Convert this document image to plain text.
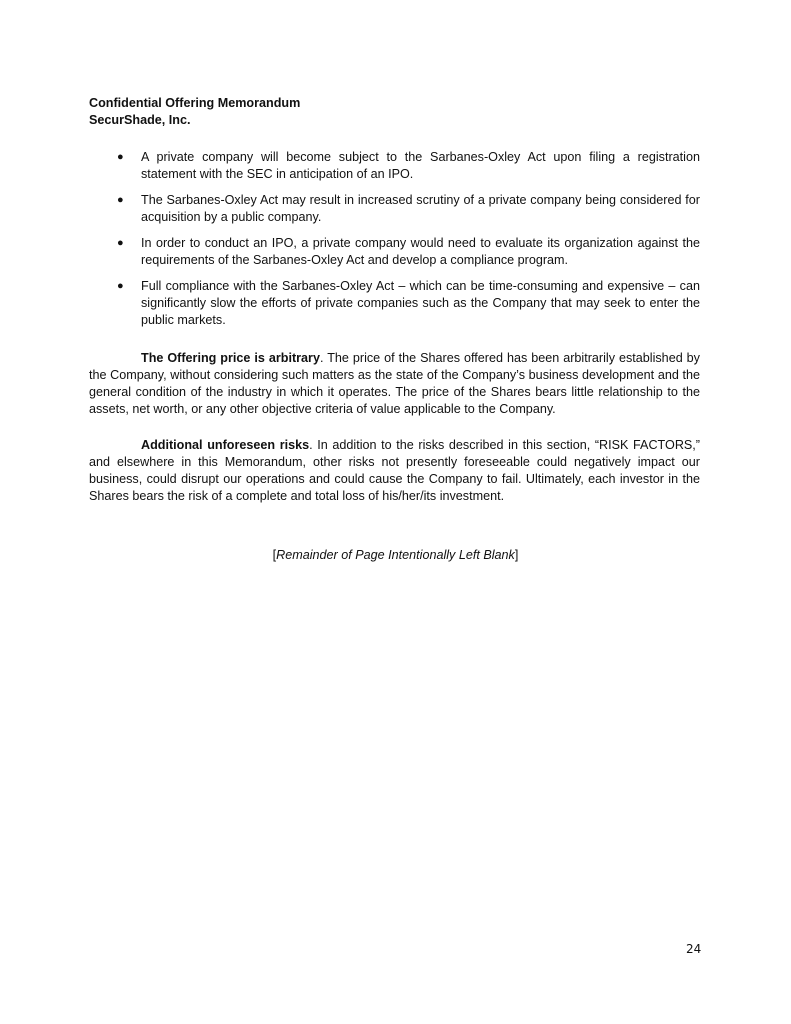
Confidential Offering Memorandum
SecurShade, Inc.
● A private company will become subject to the Sarbanes-Oxley Act upon filing a registration statement with the SEC in anticipation of an IPO.
● The Sarbanes-Oxley Act may result in increased scrutiny of a private company being considered for acquisition by a public company.
● In order to conduct an IPO, a private company would need to evaluate its organization against the requirements of the Sarbanes-Oxley Act and develop a compliance program.
● Full compliance with the Sarbanes-Oxley Act – which can be time-consuming and expensive – can significantly slow the efforts of private companies such as the Company that may seek to enter the public markets.

The Offering price is arbitrary. The price of the Shares offered has been arbitrarily established by the Company, without considering such matters as the state of the Company’s business development and the general condition of the industry in which it operates. The price of the Shares bears little relationship to the assets, net worth, or any other objective criteria of value applicable to the Company.

Additional unforeseen risks. In addition to the risks described in this section, “RISK FACTORS,” and elsewhere in this Memorandum, other risks not presently foreseeable could negatively impact our business, could disrupt our operations and could cause the Company to fail. Ultimately, each investor in the Shares bears the risk of a complete and total loss of his/her/its investment.

[Remainder of Page Intentionally Left Blank]
24
